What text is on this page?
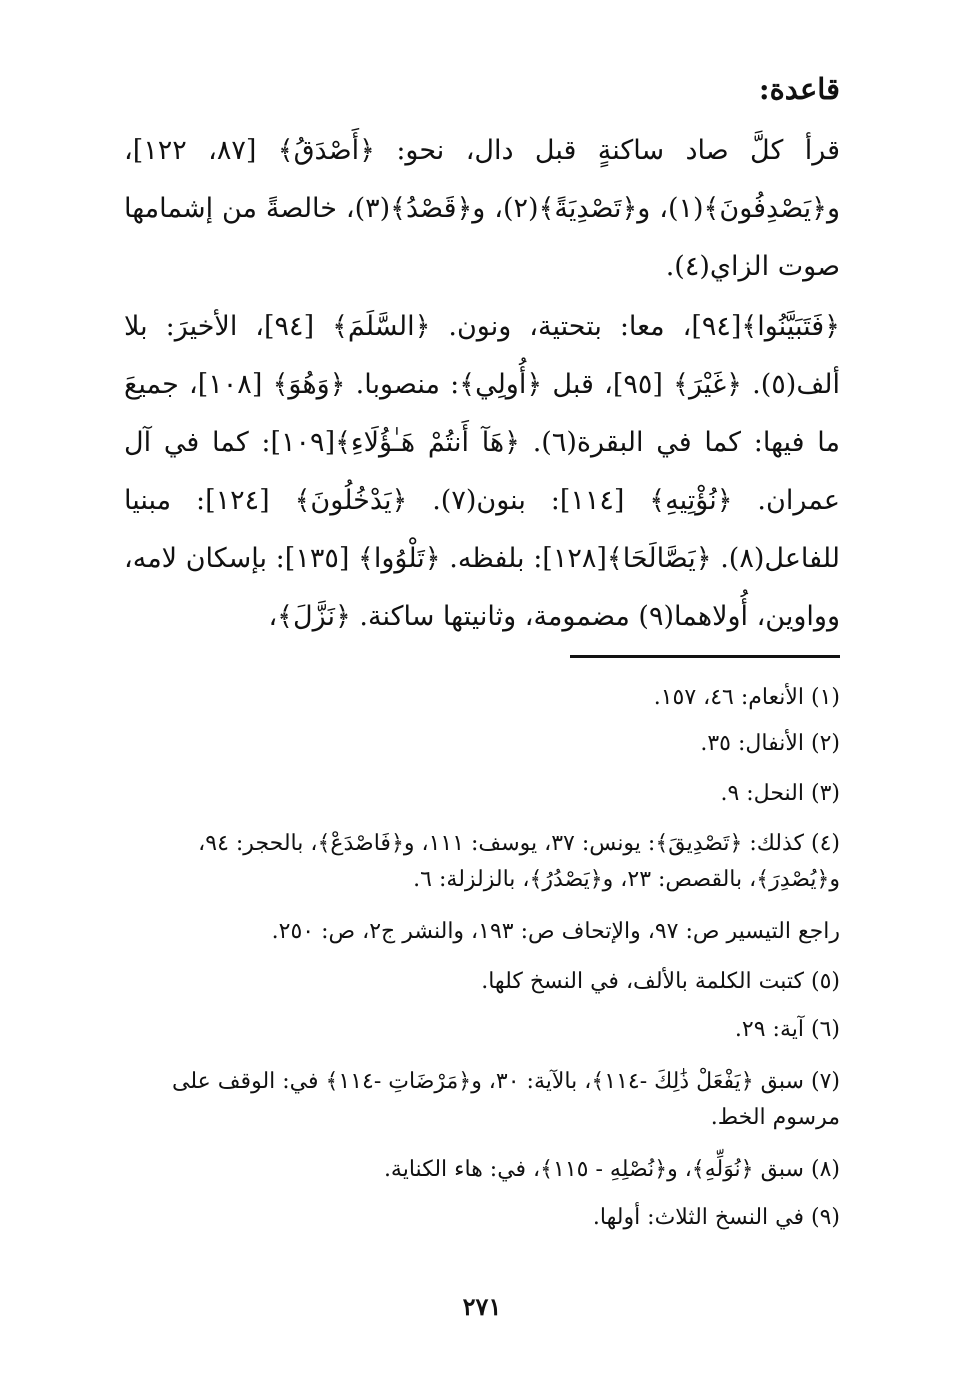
قاعدة:
قرأ كلَّ صاد ساكنةٍ قبل دال، نحو: ﴿أَصْدَقُ﴾ [٨٧، ١٢٢]، و﴿يَصْدِفُونَ﴾(١)، و﴿تَصْدِيَةً﴾(٢)، و﴿قَصْدُ﴾(٣)، خالصةً من إشمامها صوت الزاي(٤).
﴿فَتَبَيَّنُوا﴾[٩٤]، معا: بتحتية، ونون. ﴿السَّلَمَ﴾ [٩٤]، الأخيرَ: بلا ألف(٥). ﴿غَيْرَ﴾ [٩٥]، قبل ﴿أُولِي﴾: منصوبا. ﴿وَهُوَ﴾ [١٠٨]، جميعَ ما فيها: كما في البقرة(٦). ﴿هَآ أَنتُمْ هَـٰؤُلَاءِ﴾[١٠٩]: كما في آل عمران. ﴿نُؤْتِيهِ﴾ [١١٤]: بنون(٧). ﴿يَدْخُلُونَ﴾ [١٢٤]: مبنيا للفاعل(٨). ﴿يَصَّالَحَا﴾[١٢٨]: بلفظه. ﴿تَلْوُوا﴾ [١٣٥]: بإسكان لامه، وواوين، أُولاهما(٩) مضمومة، وثانيتها ساكنة. ﴿نَزَّلَ﴾،
(١) الأنعام: ٤٦، ١٥٧.
(٢) الأنفال: ٣٥.
(٣) النحل: ٩.
(٤) كذلك: ﴿تَصْدِيقَ﴾: يونس: ٣٧، يوسف: ١١١، و﴿فَاصْدَعْ﴾، بالحجر: ٩٤، و﴿يُصْدِرَ﴾، بالقصص: ٢٣، و﴿يَصْدُرُ﴾، بالزلزلة: ٦.
راجع التيسير ص: ٩٧، والإتحاف ص: ١٩٣، والنشر ج٢، ص: ٢٥٠.
(٥) كتبت الكلمة بالألف، في النسخ كلها.
(٦) آية: ٢٩.
(٧) سبق ﴿يَفْعَلْ ذَٰلِكَ -١١٤﴾، بالآية: ٣٠، و﴿مَرْضَاتِ -١١٤﴾ في: الوقف على مرسوم الخط.
(٨) سبق ﴿نُوَلِّهِ﴾، و﴿نُصْلِهِ - ١١٥﴾، في: هاء الكناية.
(٩) في النسخ الثلاث: أولها.
٢٧١
